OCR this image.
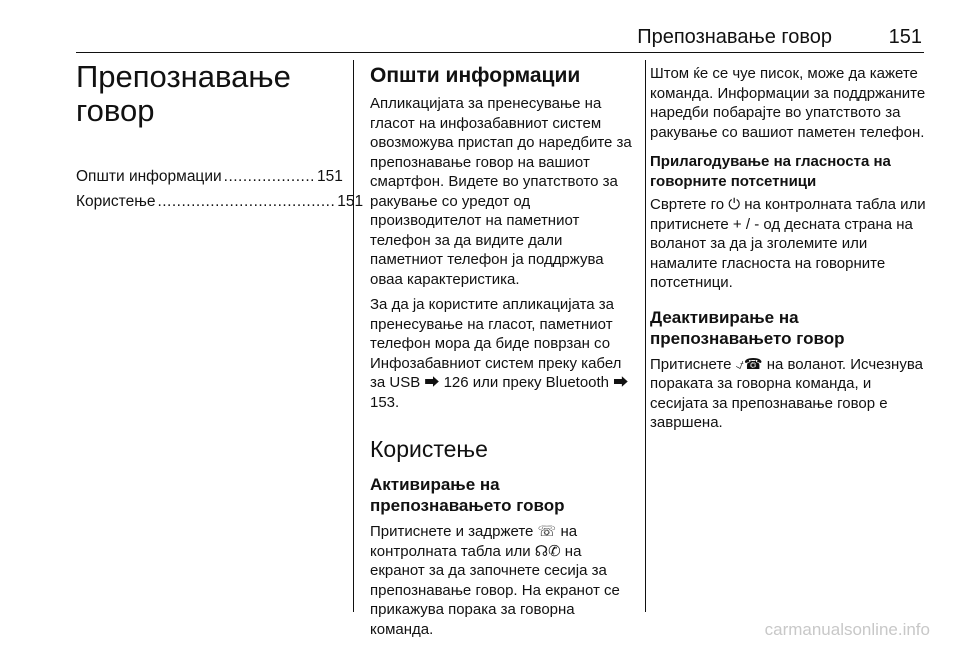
Препознавање говор	151
Препознавање
говор
Општи информации ................... 151
Користење ..................................... 151
Општи информации

Апликацијата за пренесување на гласот на инфозабавниот систем овозможува пристап до наредбите за препознавање говор на вашиот смартфон. Видете во упатството за ракување со уредот од производителот на паметниот телефон за да видите дали паметниот телефон ја поддржува оваа карактеристика.

За да ја користите апликацијата за пренесување на гласот, паметниот телефон мора да биде поврзан со Инфозабавниот систем преку кабел за USB ⮕ 126 или преку Bluetooth ⮕ 153.

Користење
Активирање на препознавањето говор

Притиснете и задржете ☏ на контролната табла или ☊✆ на екранот за да започнете сесија за препознавање говор. На екранот се прикажува порака за говорна команда.

Штом ќе се чуе писок, може да кажете команда. Информации за поддржаните наредби побарајте во упатството за ракување со вашиот паметен телефон.

Прилагодување на гласноста на говорните потсетници

Свртете го ⏻ на контролната табла или притиснете + / - од десната страна на воланот за да ја зголемите или намалите гласноста на говорните потсетници.

Деактивирање на препознавањето говор

Притиснете ⍻☎ на воланот. Исчезнува пораката за говорна команда, и сесијата за препознавање говор е завршена.

carmanualsonline.info
